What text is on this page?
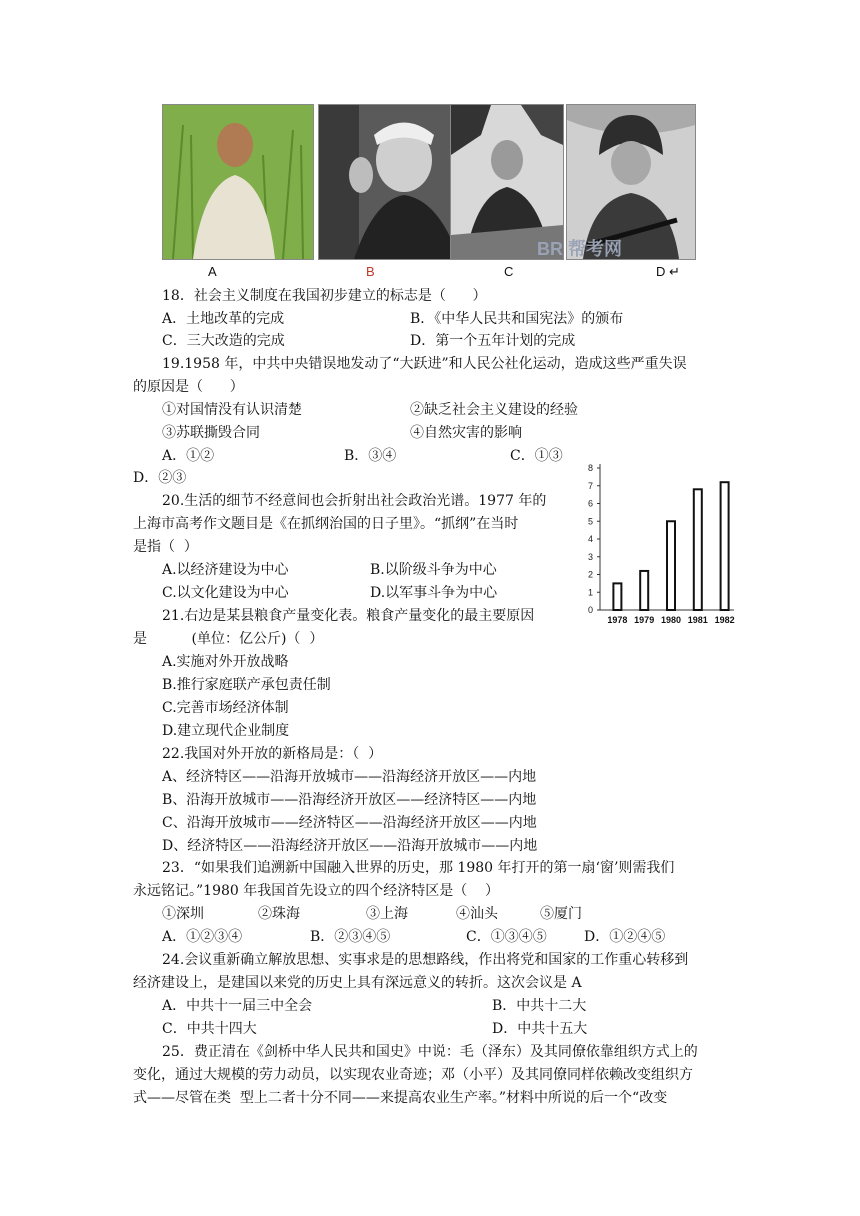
BR 帮考网
A	B	C	D ↵
18．社会主义制度在我国初步建立的标志是（      ）
A．土地改革的完成	B．《中华人民共和国宪法》的颁布
C．三大改造的完成	D．第一个五年计划的完成
19.1958 年，中共中央错误地发动了“大跃进”和人民公社化运动，造成这些严重失误
的原因是（      ）
①对国情没有认识清楚	②缺乏社会主义建设的经验
③苏联撕毁合同	④自然灾害的影响
A．①②	B．③④	C．①③
D．②③
20.生活的细节不经意间也会折射出社会政治光谱。1977 年的
上海市高考作文题目是《在抓纲治国的日子里》。“抓纲”在当时
是指（  ）
A.以经济建设为中心	B.以阶级斗争为中心
C.以文化建设为中心	D.以军事斗争为中心
21.右边是某县粮食产量变化表。粮食产量变化的最主要原因
是          (单位：亿公斤)（  ）
A.实施对外开放战略
B.推行家庭联产承包责任制
C.完善市场经济体制
D.建立现代企业制度
22.我国对外开放的新格局是：（  ）
A、经济特区——沿海开放城市——沿海经济开放区——内地
B、沿海开放城市——沿海经济开放区——经济特区——内地
C、沿海开放城市——经济特区——沿海经济开放区——内地
D、经济特区——沿海经济开放区——沿海开放城市——内地
23．“如果我们追溯新中国融入世界的历史，那 1980 年打开的第一扇‘窗’则需我们
永远铭记。”1980 年我国首先设立的四个经济特区是（    ）
①深圳	②珠海	③上海	④汕头	⑤厦门
A．①②③④	B．②③④⑤	C．①③④⑤	D．①②④⑤
24.会议重新确立解放思想、实事求是的思想路线，作出将党和国家的工作重心转移到
经济建设上，是建国以来党的历史上具有深远意义的转折。这次会议是 A
A．中共十一届三中全会	B．中共十二大
C．中共十四大	D．中共十五大
25．费正清在《剑桥中华人民共和国史》中说：毛（泽东）及其同僚依靠组织方式上的
变化，通过大规模的劳力动员，以实现农业奇迹；邓（小平）及其同僚同样依赖改变组织方
式——尽管在类  型上二者十分不同——来提高农业生产率。”材料中所说的后一个“改变
0
1
2
3
4
5
6
7
8
1978 1979 1980 1981 1982
